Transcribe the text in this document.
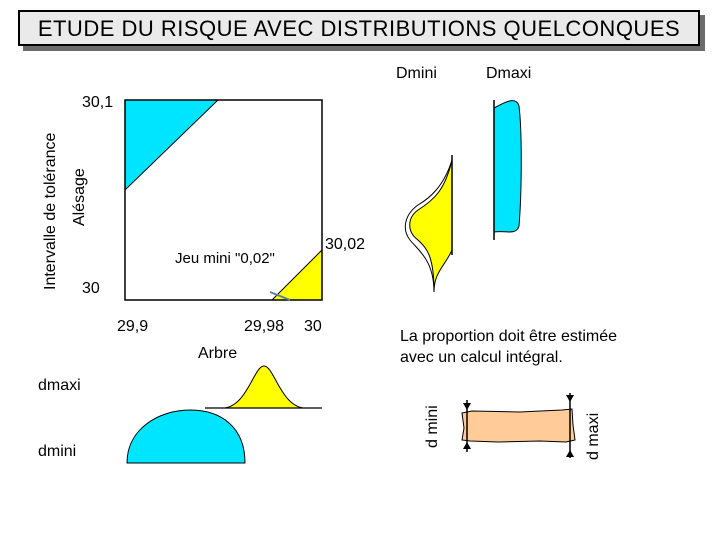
ETUDE DU RISQUE AVEC DISTRIBUTIONS QUELCONQUES
Intervalle de tolérance Alésage
d mini	d maxi
30,1
30
29,9	29,98 30
Arbre
Jeu mini "0,02"
30,02
Dmini	Dmaxi
La proportion doit être estimée
avec un calcul intégral.
dmaxi
dmini
